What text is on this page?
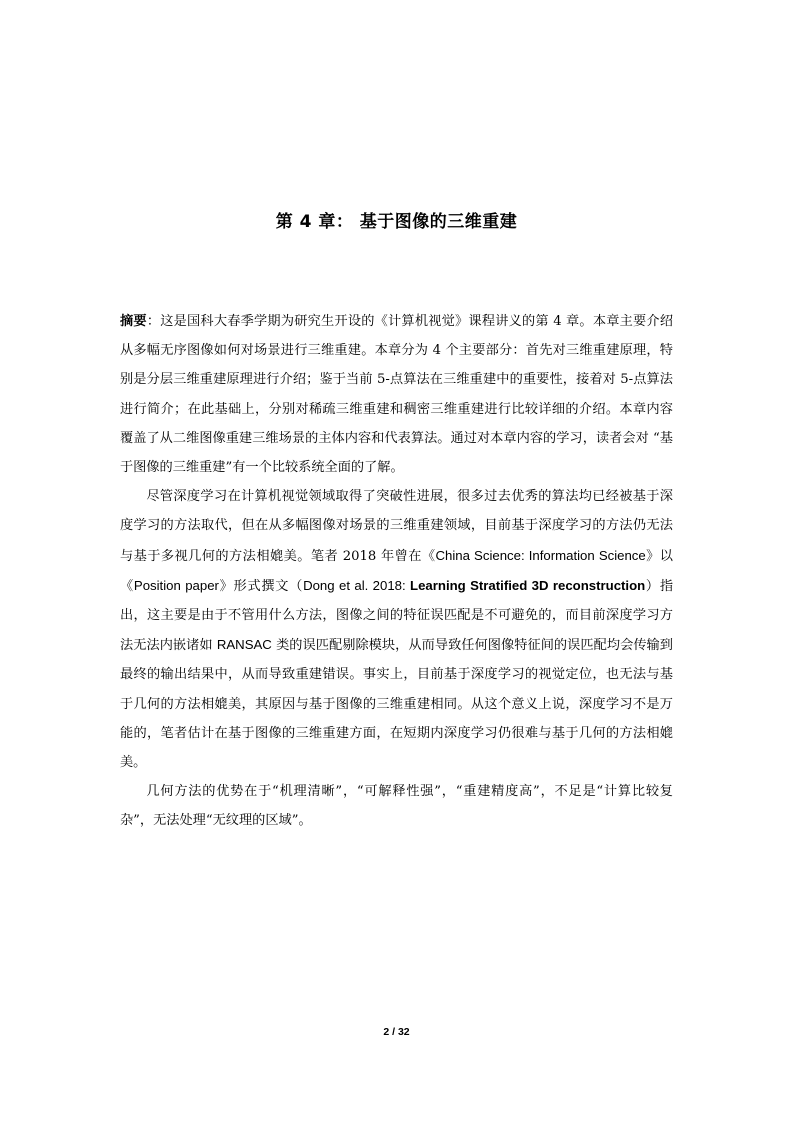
第 4 章： 基于图像的三维重建

摘要：这是国科大春季学期为研究生开设的《计算机视觉》课程讲义的第 4 章。本章主要介绍从多幅无序图像如何对场景进行三维重建。本章分为 4 个主要部分：首先对三维重建原理，特别是分层三维重建原理进行介绍；鉴于当前 5-点算法在三维重建中的重要性，接着对 5-点算法进行简介；在此基础上，分别对稀疏三维重建和稠密三维重建进行比较详细的介绍。本章内容覆盖了从二维图像重建三维场景的主体内容和代表算法。通过对本章内容的学习，读者会对 “基于图像的三维重建”有一个比较系统全面的了解。

尽管深度学习在计算机视觉领域取得了突破性进展，很多过去优秀的算法均已经被基于深度学习的方法取代，但在从多幅图像对场景的三维重建领域，目前基于深度学习的方法仍无法与基于多视几何的方法相媲美。笔者 2018 年曾在《China Science: Information Science》以《Position paper》形式撰文（Dong et al. 2018: Learning Stratified 3D reconstruction）指出，这主要是由于不管用什么方法，图像之间的特征误匹配是不可避免的，而目前深度学习方法无法内嵌诸如 RANSAC 类的误匹配剔除模块，从而导致任何图像特征间的误匹配均会传输到最终的输出结果中，从而导致重建错误。事实上，目前基于深度学习的视觉定位，也无法与基于几何的方法相媲美，其原因与基于图像的三维重建相同。从这个意义上说，深度学习不是万能的，笔者估计在基于图像的三维重建方面，在短期内深度学习仍很难与基于几何的方法相媲美。

几何方法的优势在于“机理清晰”，“可解释性强”，“重建精度高”，不足是“计算比较复杂”，无法处理“无纹理的区域”。

2 / 32
